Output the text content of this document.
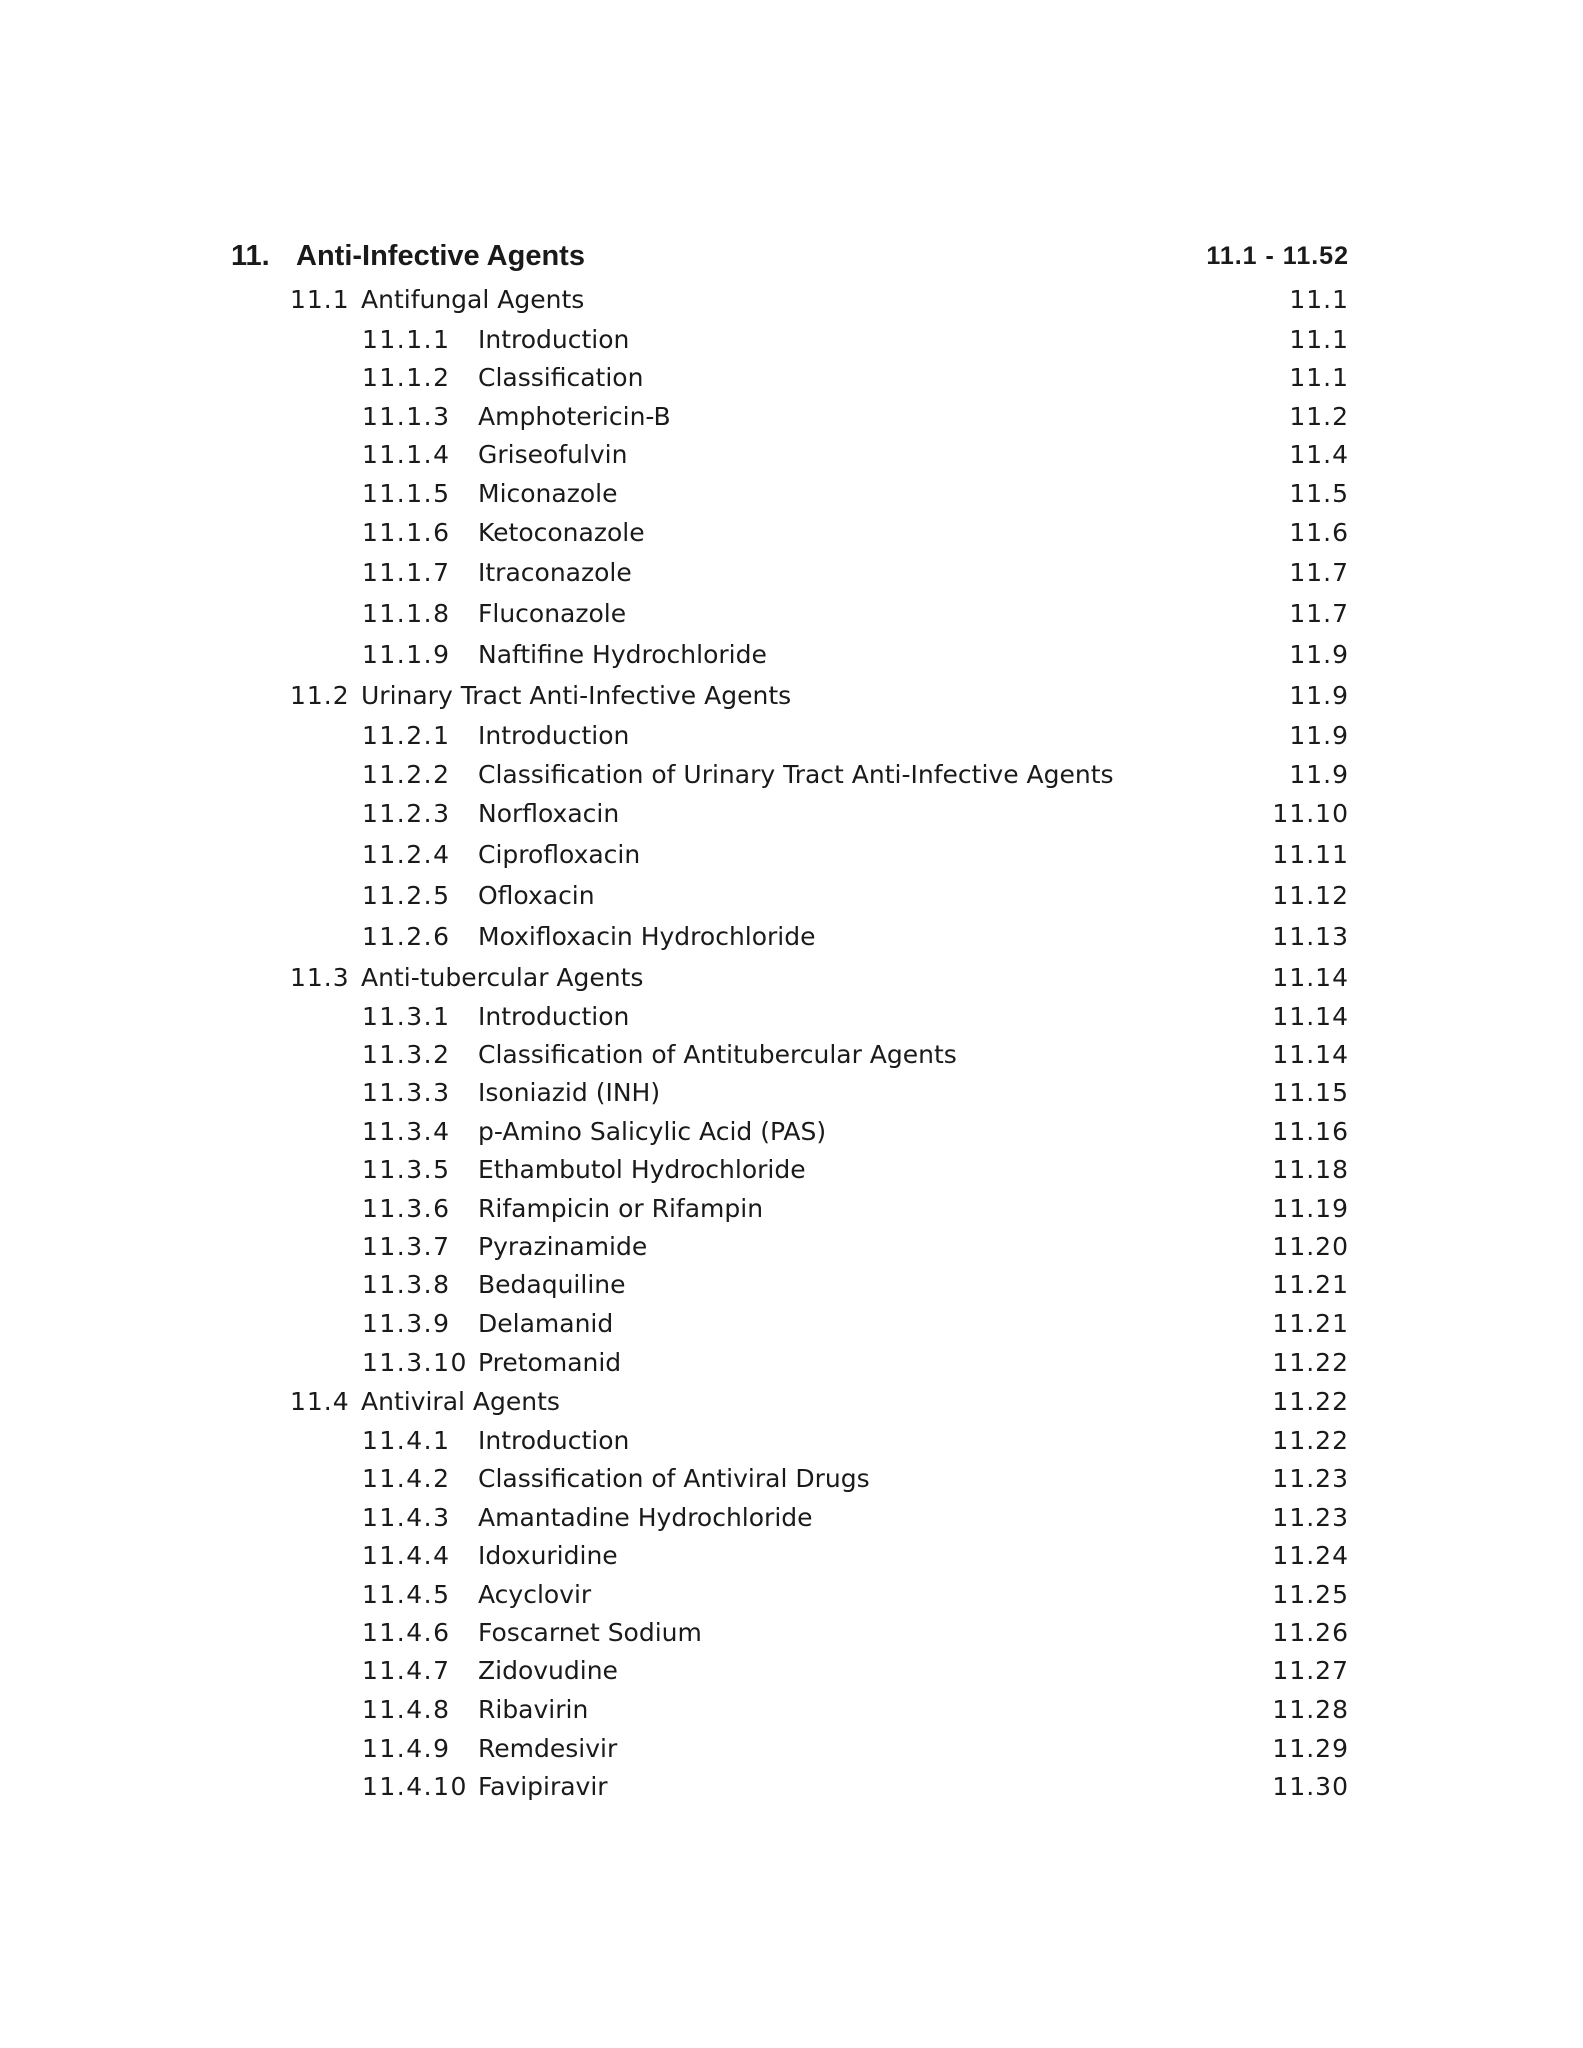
11. Anti-Infective Agents	11.1 - 11.52
11.1 Antifungal Agents	11.1
11.1.1 Introduction	11.1
11.1.2 Classification	11.1
11.1.3 Amphotericin-B	11.2
11.1.4 Griseofulvin	11.4
11.1.5 Miconazole	11.5
11.1.6 Ketoconazole	11.6
11.1.7 Itraconazole	11.7
11.1.8 Fluconazole	11.7
11.1.9 Naftifine Hydrochloride	11.9
11.2 Urinary Tract Anti-Infective Agents	11.9
11.2.1 Introduction	11.9
11.2.2 Classification of Urinary Tract Anti-Infective Agents	11.9
11.2.3 Norfloxacin	11.10
11.2.4 Ciprofloxacin	11.11
11.2.5 Ofloxacin	11.12
11.2.6 Moxifloxacin Hydrochloride	11.13
11.3 Anti-tubercular Agents	11.14
11.3.1 Introduction	11.14
11.3.2 Classification of Antitubercular Agents	11.14
11.3.3 Isoniazid (INH)	11.15
11.3.4 p-Amino Salicylic Acid (PAS)	11.16
11.3.5 Ethambutol Hydrochloride	11.18
11.3.6 Rifampicin or Rifampin	11.19
11.3.7 Pyrazinamide	11.20
11.3.8 Bedaquiline	11.21
11.3.9 Delamanid	11.21
11.3.10 Pretomanid	11.22
11.4 Antiviral Agents	11.22
11.4.1 Introduction	11.22
11.4.2 Classification of Antiviral Drugs	11.23
11.4.3 Amantadine Hydrochloride	11.23
11.4.4 Idoxuridine	11.24
11.4.5 Acyclovir	11.25
11.4.6 Foscarnet Sodium	11.26
11.4.7 Zidovudine	11.27
11.4.8 Ribavirin	11.28
11.4.9 Remdesivir	11.29
11.4.10 Favipiravir	11.30
